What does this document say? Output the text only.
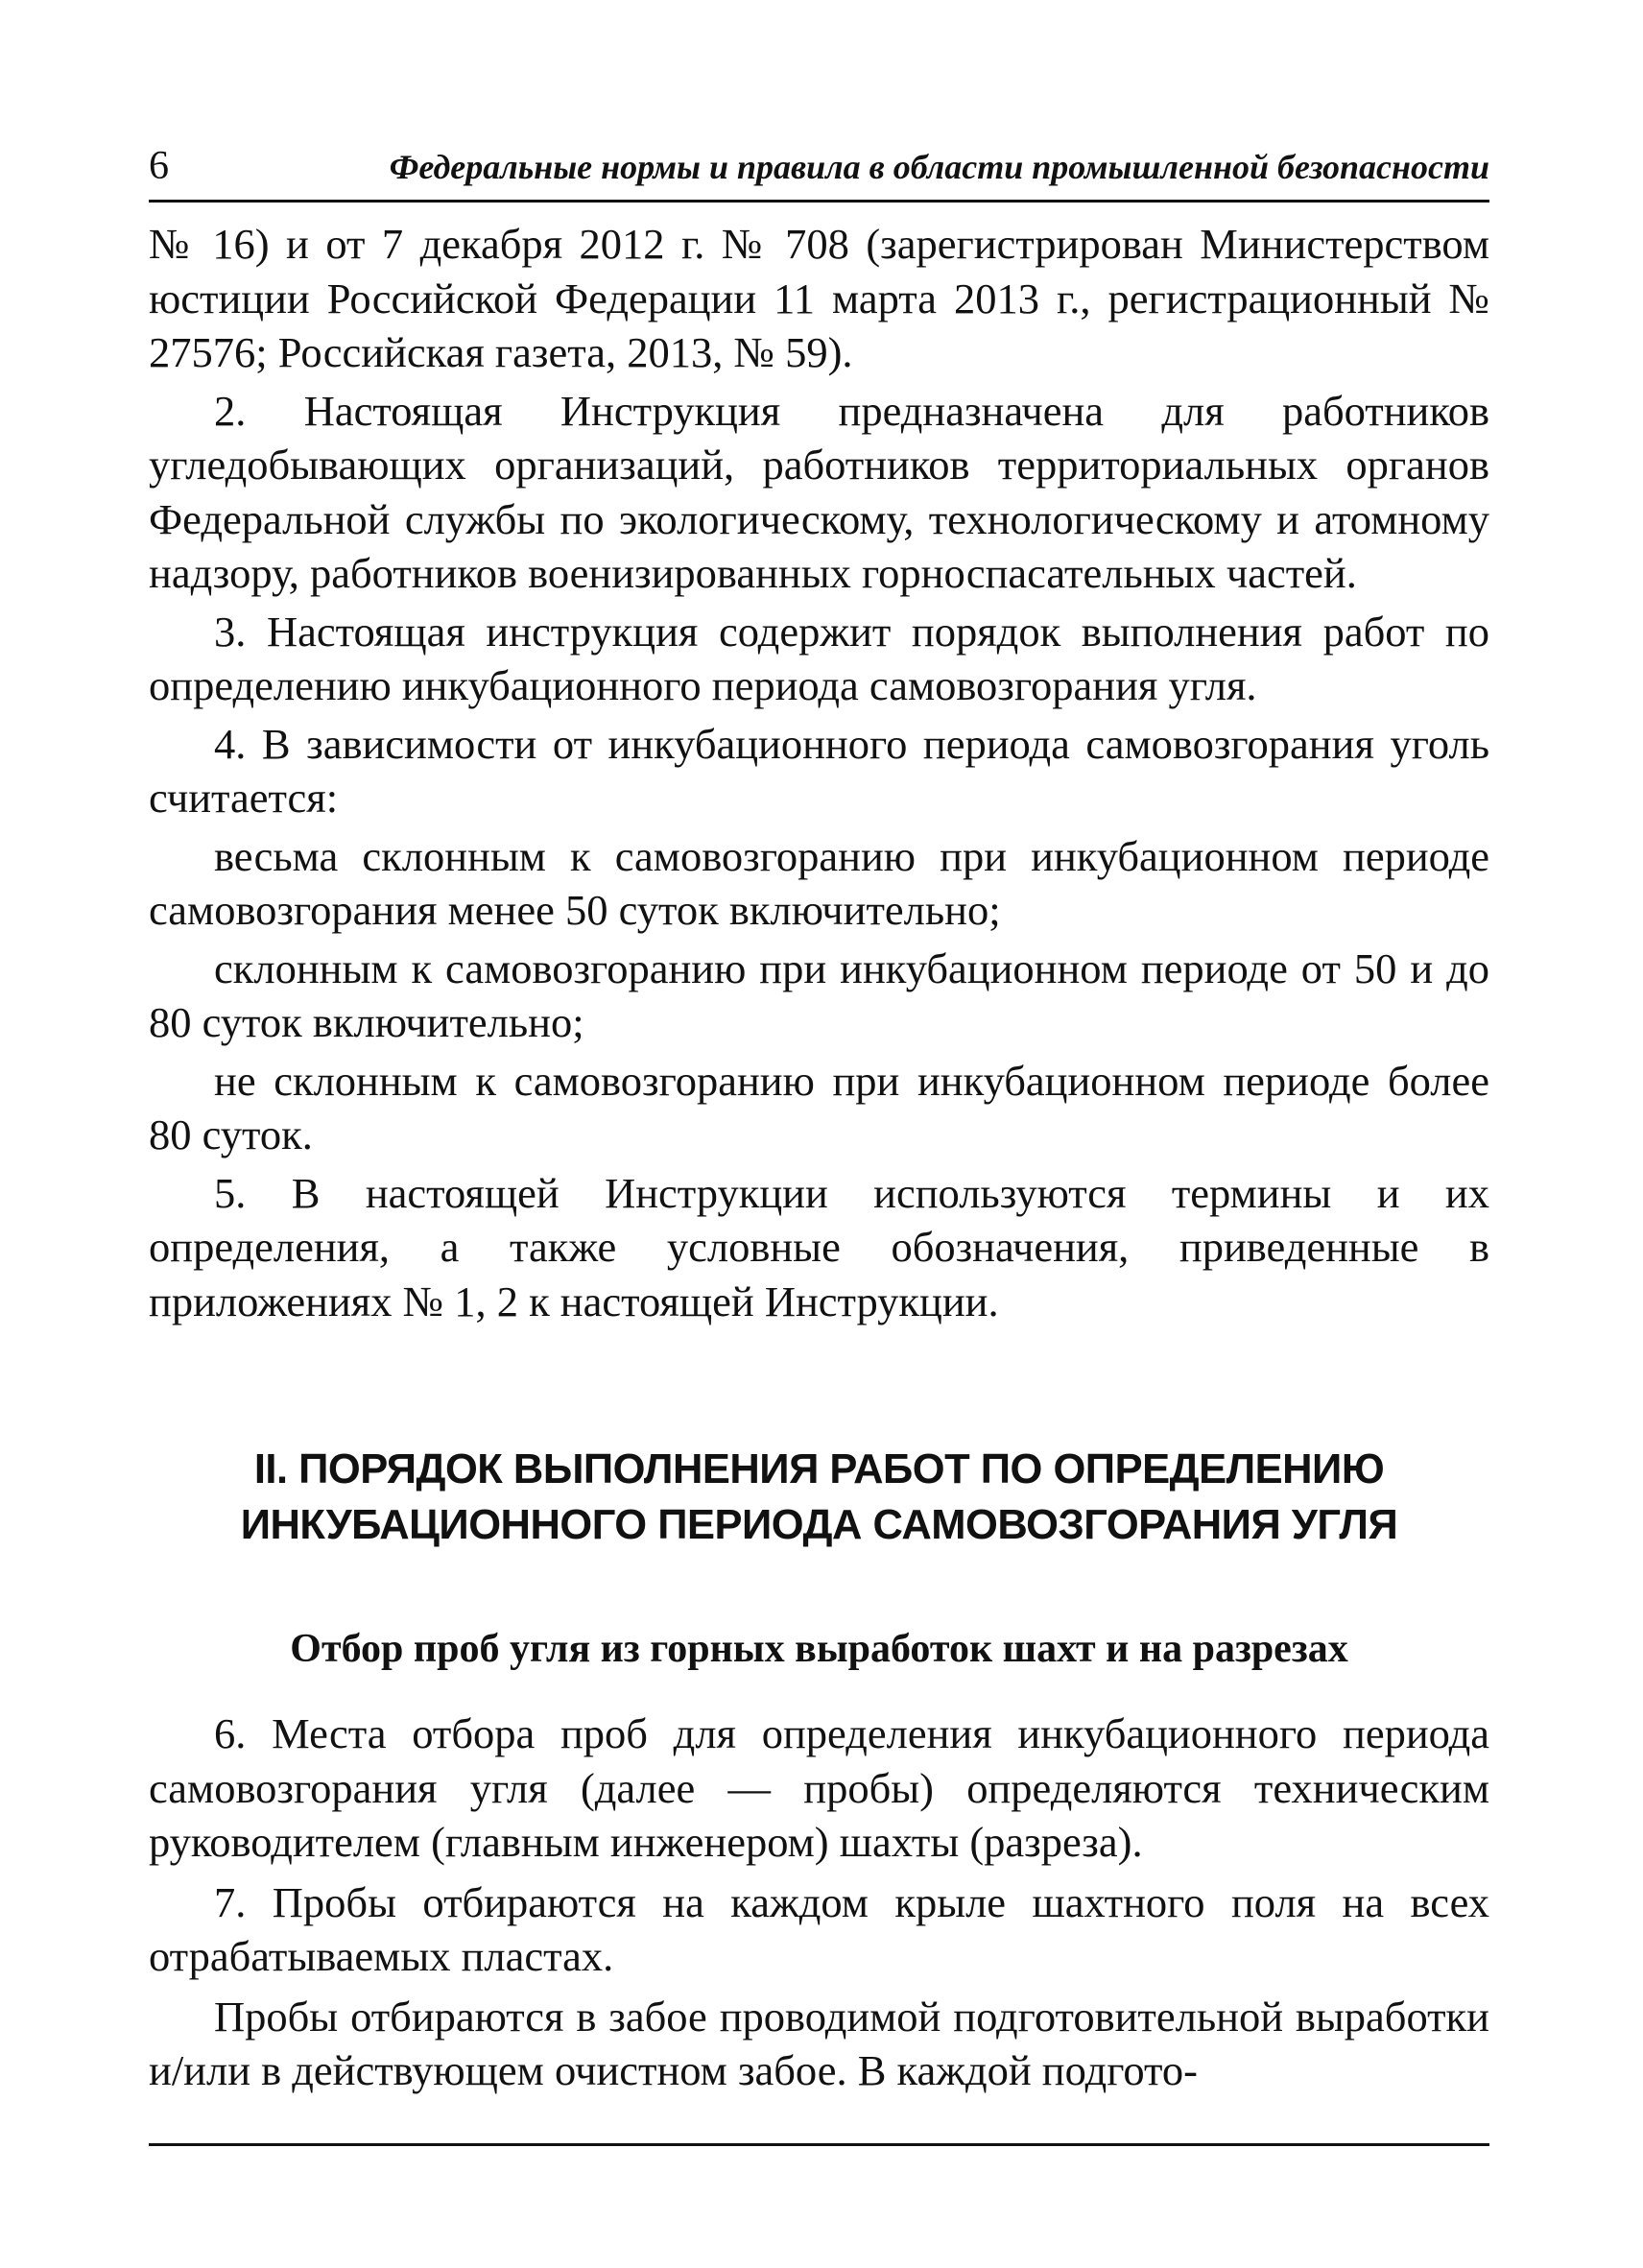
6	Федеральные нормы и правила в области промышленной безопасности

№ 16) и от 7 декабря 2012 г. № 708 (зарегистрирован Министерством юстиции Российской Федерации 11 марта 2013 г., регистрационный № 27576; Российская газета, 2013, № 59).

2. Настоящая Инструкция предназначена для работников угледобывающих организаций, работников территориальных органов Федеральной службы по экологическому, технологическому и атомному надзору, работников военизированных горноспасательных частей.

3. Настоящая инструкция содержит порядок выполнения работ по определению инкубационного периода самовозгорания угля.

4. В зависимости от инкубационного периода самовозгорания уголь считается:

весьма склонным к самовозгоранию при инкубационном периоде самовозгорания менее 50 суток включительно;

склонным к самовозгоранию при инкубационном периоде от 50 и до 80 суток включительно;

не склонным к самовозгоранию при инкубационном периоде более 80 суток.

5. В настоящей Инструкции используются термины и их определения, а также условные обозначения, приведенные в приложениях № 1, 2 к настоящей Инструкции.

II. ПОРЯДОК ВЫПОЛНЕНИЯ РАБОТ ПО ОПРЕДЕЛЕНИЮ
ИНКУБАЦИОННОГО ПЕРИОДА САМОВОЗГОРАНИЯ УГЛЯ
Отбор проб угля из горных выработок шахт и на разрезах

6. Места отбора проб для определения инкубационного периода самовозгорания угля (далее — пробы) определяются техническим руководителем (главным инженером) шахты (разреза).

7. Пробы отбираются на каждом крыле шахтного поля на всех отрабатываемых пластах.

Пробы отбираются в забое проводимой подготовительной выработки и/или в действующем очистном забое. В каждой подгото-
